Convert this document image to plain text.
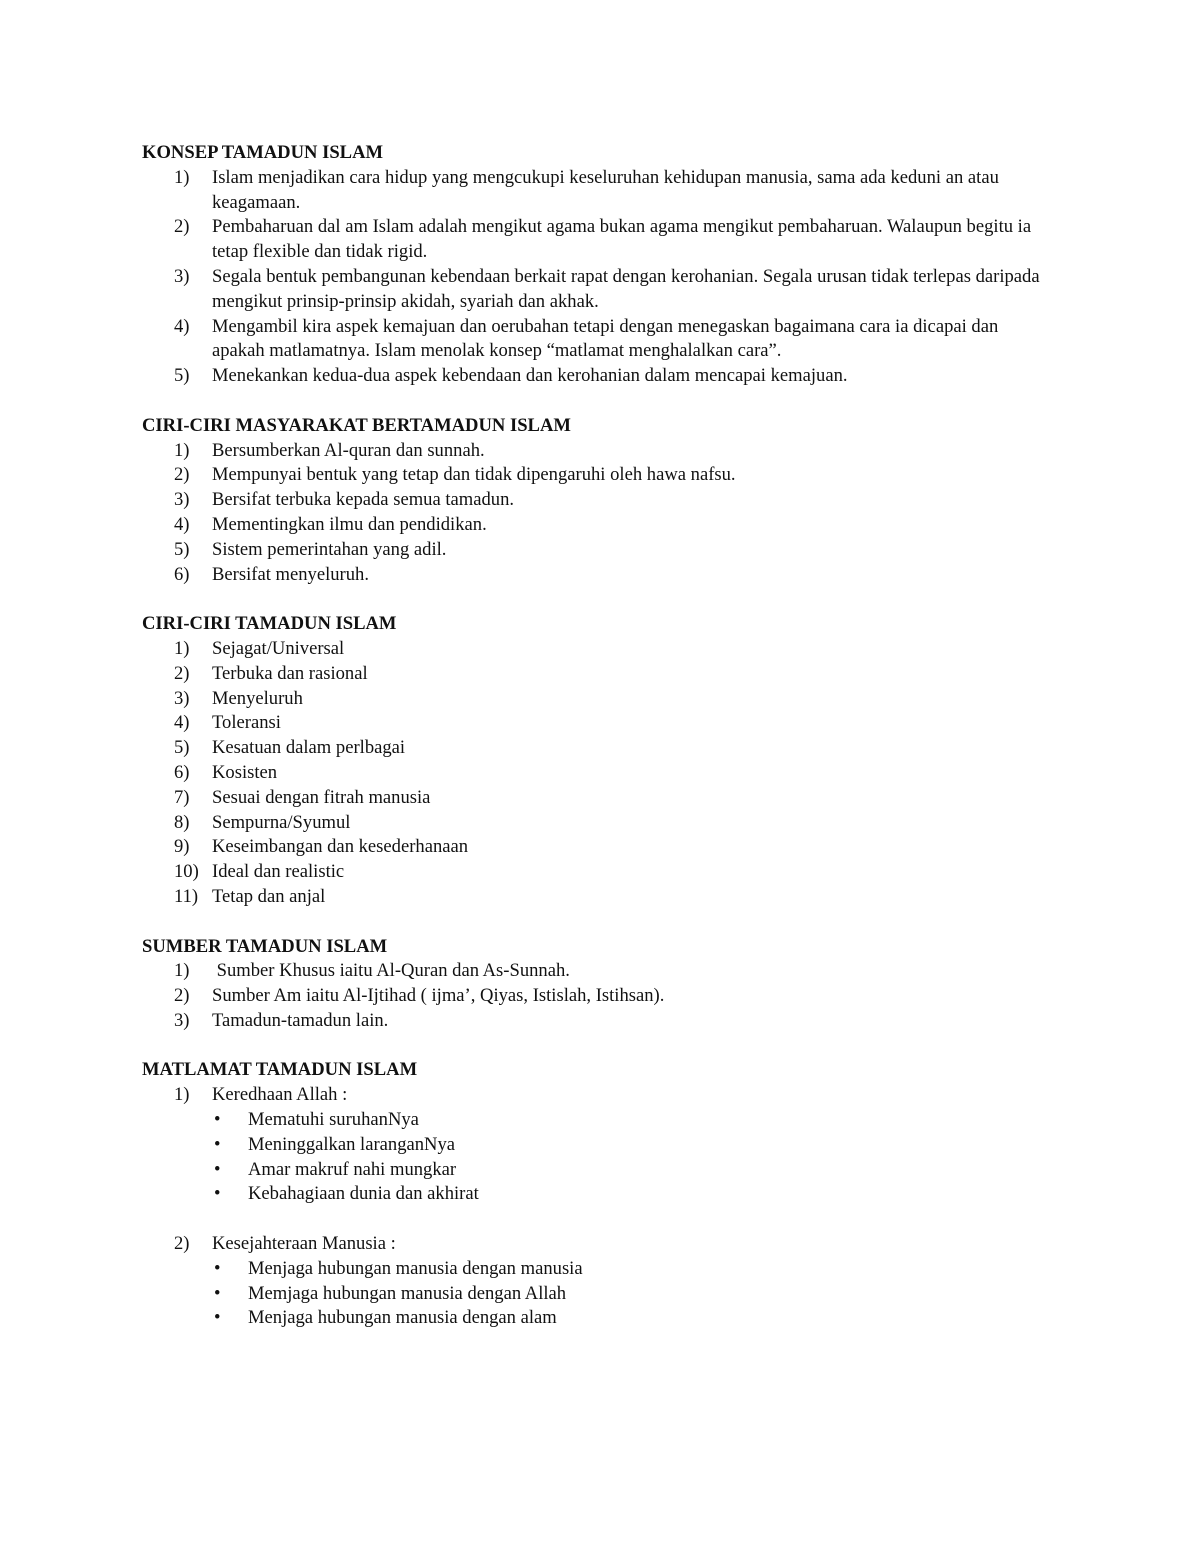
KONSEP TAMADUN ISLAM
1)	Islam menjadikan cara hidup yang mengcukupi keseluruhan kehidupan manusia, sama ada keduni an atau keagamaan.
2)	Pembaharuan dal am Islam adalah mengikut agama bukan agama mengikut pembaharuan. Walaupun begitu ia tetap flexible dan tidak rigid.
3)	Segala bentuk pembangunan kebendaan berkait rapat dengan kerohanian. Segala urusan tidak terlepas daripada mengikut prinsip-prinsip akidah, syariah dan akhak.
4)	Mengambil kira aspek kemajuan dan oerubahan tetapi dengan menegaskan bagaimana cara ia dicapai dan apakah matlamatnya. Islam menolak konsep “matlamat menghalalkan cara”.
5)	Menekankan kedua-dua aspek kebendaan dan kerohanian dalam mencapai kemajuan.
CIRI-CIRI MASYARAKAT BERTAMADUN ISLAM
1)	Bersumberkan Al-quran dan sunnah.
2)	Mempunyai bentuk yang tetap dan tidak dipengaruhi oleh hawa nafsu.
3)	Bersifat terbuka kepada semua tamadun.
4)	Mementingkan ilmu dan pendidikan.
5)	Sistem pemerintahan yang adil.
6)	Bersifat menyeluruh.
CIRI-CIRI TAMADUN ISLAM
1)	Sejagat/Universal
2)	Terbuka dan rasional
3)	Menyeluruh
4)	Toleransi
5)	Kesatuan dalam perlbagai
6)	Kosisten
7)	Sesuai dengan fitrah manusia
8)	Sempurna/Syumul
9)	Keseimbangan dan kesederhanaan
10) Ideal dan realistic
11) Tetap dan anjal
SUMBER TAMADUN ISLAM
1)	Sumber Khusus iaitu Al-Quran dan As-Sunnah.
2)	Sumber Am iaitu Al-Ijtihad ( ijma’, Qiyas, Istislah, Istihsan).
3)	Tamadun-tamadun lain.
MATLAMAT TAMADUN ISLAM
1)	Keredhaan Allah :
• Mematuhi suruhanNya
• Meninggalkan laranganNya
• Amar makruf nahi mungkar
• Kebahagiaan dunia dan akhirat
2)	Kesejahteraan Manusia :
• Menjaga hubungan manusia dengan manusia
• Memjaga hubungan manusia dengan Allah
• Menjaga hubungan manusia dengan alam
